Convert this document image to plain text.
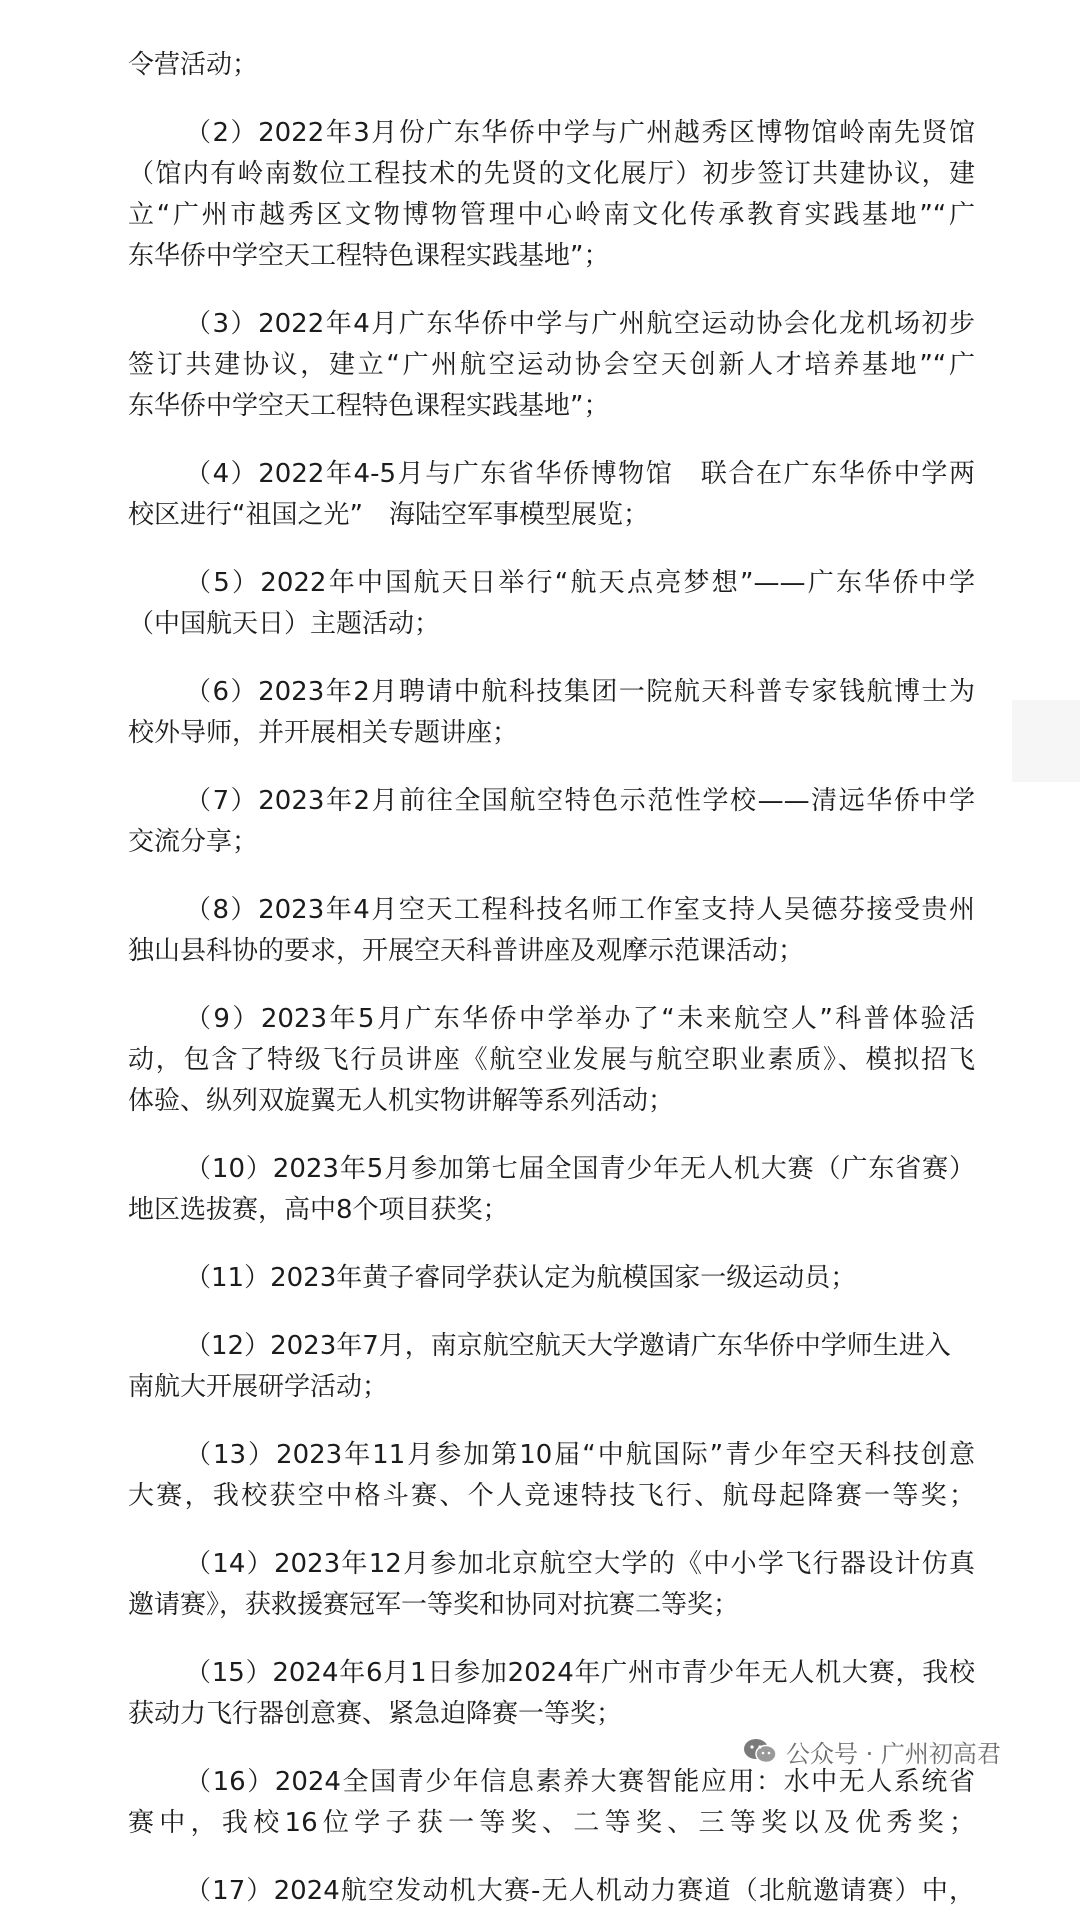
令营活动；
（2）2022年3月份广东华侨中学与广州越秀区博物馆岭南先贤馆
（馆内有岭南数位工程技术的先贤的文化展厅）初步签订共建协议，建
立“广州市越秀区文物博物管理中心岭南文化传承教育实践基地”“广
东华侨中学空天工程特色课程实践基地”；
（3）2022年4月广东华侨中学与广州航空运动协会化龙机场初步
签订共建协议，建立“广州航空运动协会空天创新人才培养基地”“广
东华侨中学空天工程特色课程实践基地”；
（4）2022年4-5月与广东省华侨博物馆　联合在广东华侨中学两
校区进行“祖国之光”　海陆空军事模型展览；
（5）2022年中国航天日举行“航天点亮梦想”——广东华侨中学
（中国航天日）主题活动；
（6）2023年2月聘请中航科技集团一院航天科普专家钱航博士为
校外导师，并开展相关专题讲座；
（7）2023年2月前往全国航空特色示范性学校——清远华侨中学
交流分享；
（8）2023年4月空天工程科技名师工作室支持人吴德芬接受贵州
独山县科协的要求，开展空天科普讲座及观摩示范课活动；
（9）2023年5月广东华侨中学举办了“未来航空人”科普体验活
动，包含了特级飞行员讲座《航空业发展与航空职业素质》、模拟招飞
体验、纵列双旋翼无人机实物讲解等系列活动；
（10）2023年5月参加第七届全国青少年无人机大赛（广东省赛）
地区选拔赛，高中8个项目获奖；
（11）2023年黄子睿同学获认定为航模国家一级运动员；
（12）2023年7月，南京航空航天大学邀请广东华侨中学师生进入
南航大开展研学活动；
（13）2023年11月参加第10届“中航国际”青少年空天科技创意
大赛，我校获空中格斗赛、个人竞速特技飞行、航母起降赛一等奖；
（14）2023年12月参加北京航空大学的《中小学飞行器设计仿真
邀请赛》，获救援赛冠军一等奖和协同对抗赛二等奖；
（15）2024年6月1日参加2024年广州市青少年无人机大赛，我校
获动力飞行器创意赛、紧急迫降赛一等奖；
（16）2024全国青少年信息素养大赛智能应用：水中无人系统省
赛中，我校16位学子获一等奖、二等奖、三等奖以及优秀奖；
（17）2024航空发动机大赛-无人机动力赛道（北航邀请赛）中，
公众号 · 广州初高君
